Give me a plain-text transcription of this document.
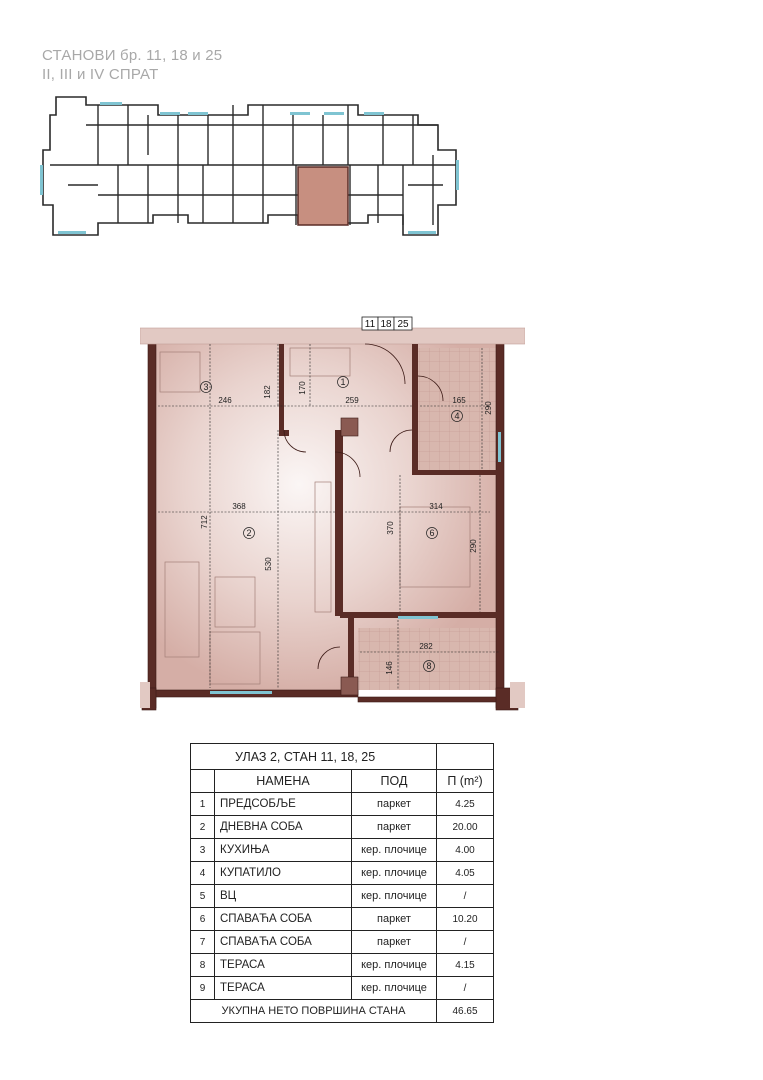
СТАНОВИ бр. 11, 18 и 25
II, III и IV СПРАТ
11 18 25
246
182
259
170
165
290
368
712
530
314
370
290
282
146
1
2
3
4
6
8
УЛАЗ 2, СТАН 11, 18, 25			
	НАМЕНА	ПОД	П (m²)
1	ПРЕДСОБЉЕ	паркет	4.25
2	ДНЕВНА СОБА	паркет	20.00
3	КУХИЊА	кер. плочице	4.00
4	КУПАТИЛО	кер. плочице	4.05
5	ВЦ	кер. плочице	/
6	СПАВАЋА СОБА	паркет	10.20
7	СПАВАЋА СОБА	паркет	/
8	ТЕРАСА	кер. плочице	4.15
9	ТЕРАСА	кер. плочице	/
УКУПНА НЕТО ПОВРШИНА СТАНА			46.65
